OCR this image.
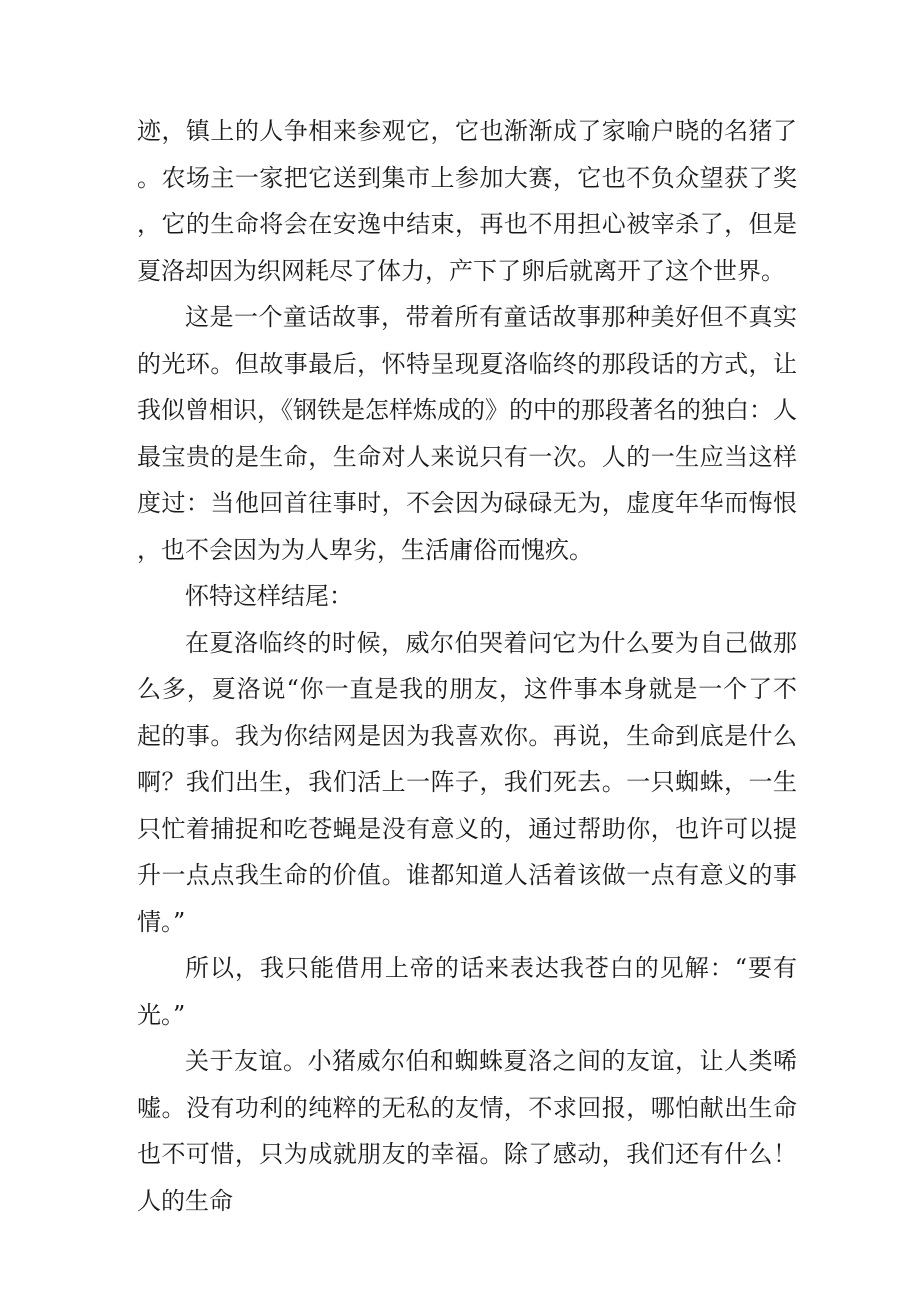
迹，镇上的人争相来参观它，它也渐渐成了家喻户晓的名猪了。农场主一家把它送到集市上参加大赛，它也不负众望获了奖，它的生命将会在安逸中结束，再也不用担心被宰杀了，但是夏洛却因为织网耗尽了体力，产下了卵后就离开了这个世界。

这是一个童话故事，带着所有童话故事那种美好但不真实的光环。但故事最后，怀特呈现夏洛临终的那段话的方式，让我似曾相识，《钢铁是怎样炼成的》的中的那段著名的独白：人最宝贵的是生命，生命对人来说只有一次。人的一生应当这样度过：当他回首往事时，不会因为碌碌无为，虚度年华而悔恨，也不会因为为人卑劣，生活庸俗而愧疚。

怀特这样结尾：

在夏洛临终的时候，威尔伯哭着问它为什么要为自己做那么多，夏洛说“你一直是我的朋友，这件事本身就是一个了不起的事。我为你结网是因为我喜欢你。再说，生命到底是什么啊？我们出生，我们活上一阵子，我们死去。一只蜘蛛，一生只忙着捕捉和吃苍蝇是没有意义的，通过帮助你，也许可以提升一点点我生命的价值。谁都知道人活着该做一点有意义的事情。”

所以，我只能借用上帝的话来表达我苍白的见解：“要有光。”

关于友谊。小猪威尔伯和蜘蛛夏洛之间的友谊，让人类唏嘘。没有功利的纯粹的无私的友情，不求回报，哪怕献出生命也不可惜，只为成就朋友的幸福。除了感动，我们还有什么！人的生命
